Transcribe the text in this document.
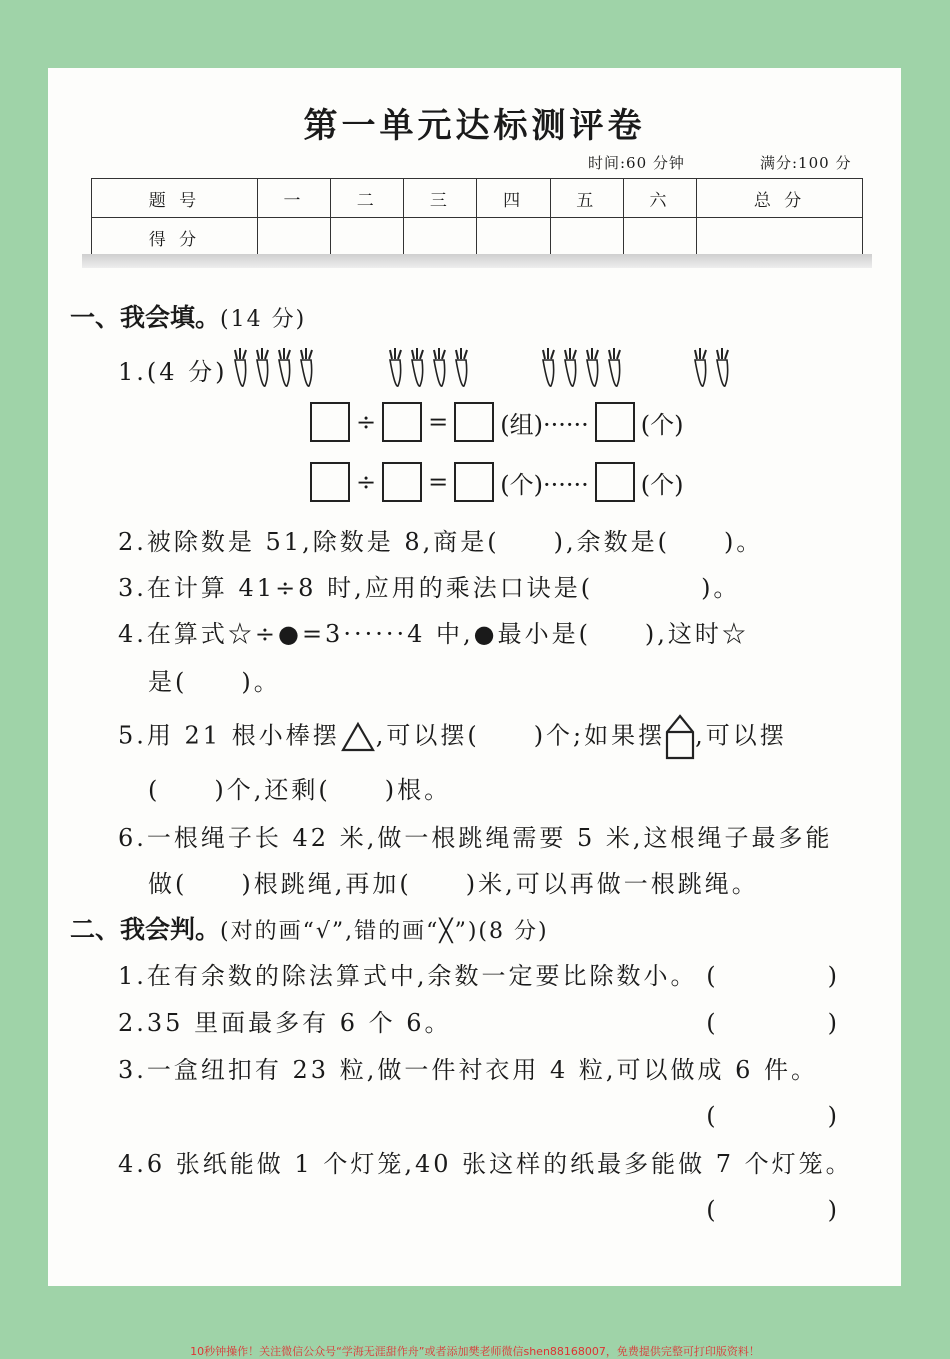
第一单元达标测评卷
时间:60 分钟	满分:100 分
题 号	一	二	三	四	五	六	总 分
得 分							
一、我会填。(14 分)
1.(4 分)
÷ = (组)······ (个)
÷ = (个)······ (个)
2.被除数是 51,除数是 8,商是(　　),余数是(　　)。
3.在计算 41÷8 时,应用的乘法口诀是(　　　　)。
4.在算式☆÷●=3······4 中,●最小是(　　),这时☆
是(　　)。
5.用 21 根小棒摆 ,可以摆(　　)个;如果摆 ,可以摆
(　　)个,还剩(　　)根。
6.一根绳子长 42 米,做一根跳绳需要 5 米,这根绳子最多能
做(　　)根跳绳,再加(　　)米,可以再做一根跳绳。
二、我会判。(对的画“√”,错的画“╳”)(8 分)
1.在有余数的除法算式中,余数一定要比除数小。 (　)
2.35 里面最多有 6 个 6。	(　)
3.一盒纽扣有 23 粒,做一件衬衣用 4 粒,可以做成 6 件。
(　)
4.6 张纸能做 1 个灯笼,40 张这样的纸最多能做 7 个灯笼。
(　)
10秒钟操作！关注微信公众号“学海无涯甜作舟”或者添加樊老师微信shen88168007，免费提供完整可打印版资料！
